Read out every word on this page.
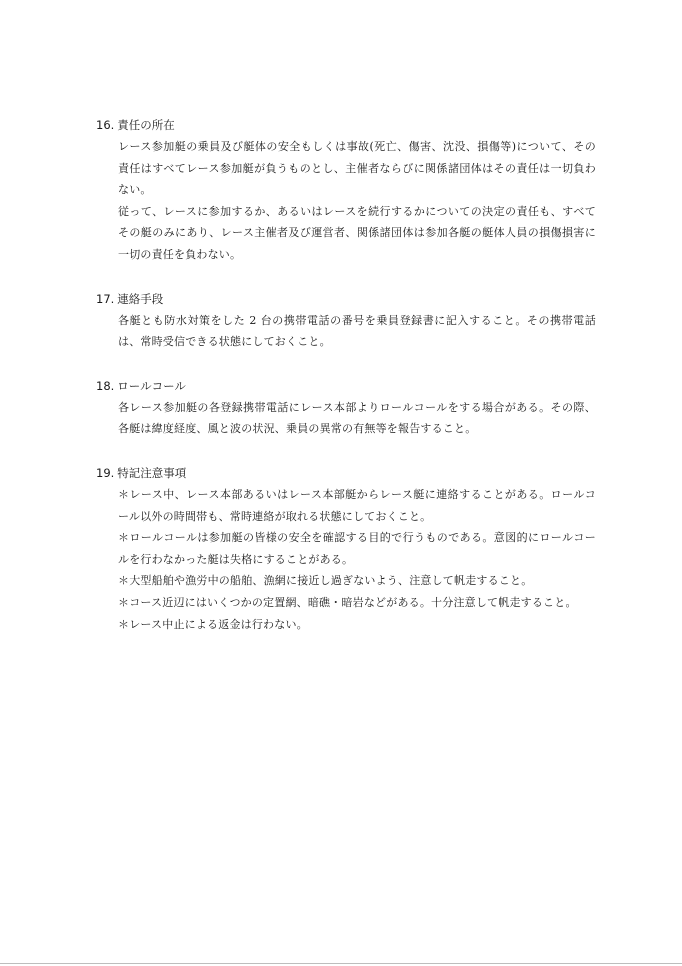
16. 責任の所在

レース参加艇の乗員及び艇体の安全もしくは事故(死亡、傷害、沈没、損傷等)について、その責任はすべてレース参加艇が負うものとし、主催者ならびに関係諸団体はその責任は一切負わない。

従って、レースに参加するか、あるいはレースを続行するかについての決定の責任も、すべてその艇のみにあり、レース主催者及び運営者、関係諸団体は参加各艇の艇体人員の損傷損害に一切の責任を負わない。

17. 連絡手段

各艇とも防水対策をした 2 台の携帯電話の番号を乗員登録書に記入すること。その携帯電話は、常時受信できる状態にしておくこと。

18. ロールコール

各レース参加艇の各登録携帯電話にレース本部よりロールコールをする場合がある。その際、各艇は緯度経度、風と波の状況、乗員の異常の有無等を報告すること。

19. 特記注意事項

＊レース中、レース本部あるいはレース本部艇からレース艇に連絡することがある。ロールコール以外の時間帯も、常時連絡が取れる状態にしておくこと。

＊ロールコールは参加艇の皆様の安全を確認する目的で行うものである。意図的にロールコールを行わなかった艇は失格にすることがある。

＊大型船舶や漁労中の船舶、漁網に接近し過ぎないよう、注意して帆走すること。

＊コース近辺にはいくつかの定置網、暗礁・暗岩などがある。十分注意して帆走すること。

＊レース中止による返金は行わない。
